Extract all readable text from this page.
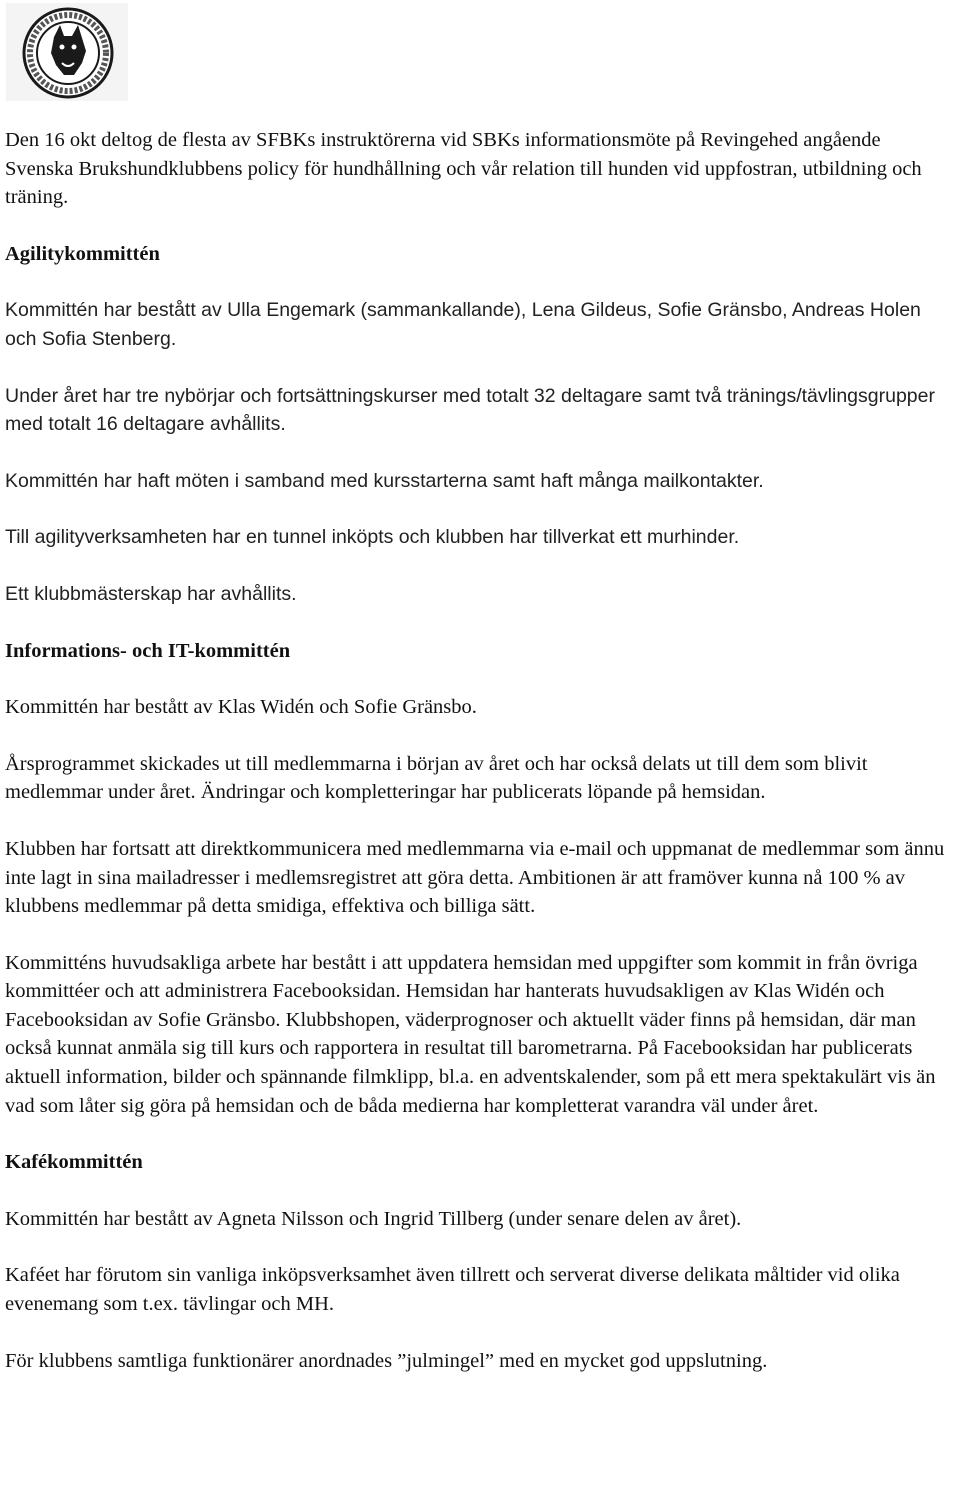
Den 16 okt deltog de flesta av SFBKs instruktörerna vid SBKs informationsmöte på Revingehed angående Svenska Brukshundklubbens policy för hundhållning och vår relation till hunden vid uppfostran, utbildning och träning.

Agilitykommittén

Kommittén har bestått av Ulla Engemark (sammankallande), Lena Gildeus, Sofie Gränsbo, Andreas Holen och Sofia Stenberg.

Under året har tre nybörjar och fortsättningskurser med totalt 32 deltagare samt två tränings/tävlingsgrupper med totalt 16 deltagare avhållits.

Kommittén har haft möten i samband med kursstarterna samt haft många mailkontakter.

Till agilityverksamheten har en tunnel inköpts och klubben har tillverkat ett murhinder.

Ett klubbmästerskap har avhållits.

Informations- och IT-kommittén

Kommittén har bestått av Klas Widén och Sofie Gränsbo.

Årsprogrammet skickades ut till medlemmarna i början av året och har också delats ut till dem som blivit medlemmar under året. Ändringar och kompletteringar har publicerats löpande på hemsidan.

Klubben har fortsatt att direktkommunicera med medlemmarna via e-mail och uppmanat de medlemmar som ännu inte lagt in sina mailadresser i medlemsregistret att göra detta. Ambitionen är att framöver kunna nå 100 % av klubbens medlemmar på detta smidiga, effektiva och billiga sätt.

Kommitténs huvudsakliga arbete har bestått i att uppdatera hemsidan med uppgifter som kommit in från övriga kommittéer och att administrera Facebooksidan. Hemsidan har hanterats huvudsakligen av Klas Widén och Facebooksidan av Sofie Gränsbo. Klubbshopen, väderprognoser och aktuellt väder finns på hemsidan, där man också kunnat anmäla sig till kurs och rapportera in resultat till barometrarna. På Facebooksidan har publicerats aktuell information, bilder och spännande filmklipp, bl.a. en adventskalender, som på ett mera spektakulärt vis än vad som låter sig göra på hemsidan och de båda medierna har kompletterat varandra väl under året.

Kafékommittén

Kommittén har bestått av Agneta Nilsson och Ingrid Tillberg (under senare delen av året).

Kaféet har förutom sin vanliga inköpsverksamhet även tillrett och serverat diverse delikata måltider vid olika evenemang som t.ex. tävlingar och MH.

För klubbens samtliga funktionärer anordnades ”julmingel” med en mycket god uppslutning.
